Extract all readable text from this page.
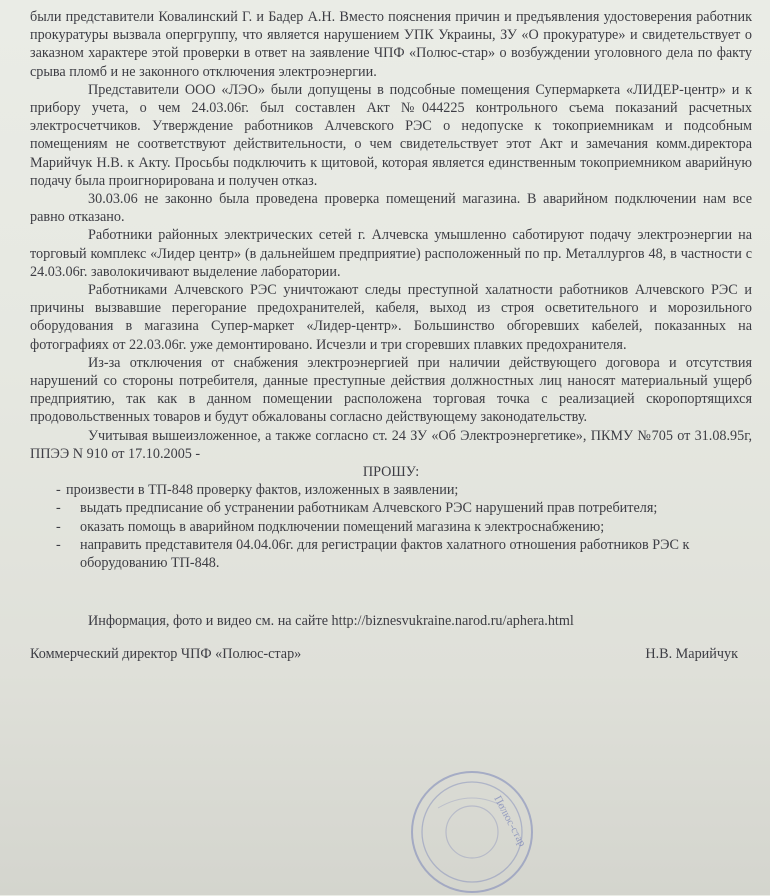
были представители Ковалинский Г. и Бадер А.Н. Вместо пояснения причин и предъявления удостоверения работник прокуратуры вызвала опергруппу, что является нарушением УПК Украины, ЗУ «О прокуратуре» и свидетельствует о заказном характере этой проверки в ответ на заявление ЧПФ «Полюс-стар» о возбуждении уголовного дела по факту срыва пломб и не законного отключения электроэнергии.

Представители ООО «ЛЭО» были допущены в подсобные помещения Супермаркета «ЛИДЕР-центр» и к прибору учета, о чем 24.03.06г. был составлен Акт №044225 контрольного съема показаний расчетных электросчетчиков. Утверждение работников Алчевского РЭС о недопуске к токоприемникам и подсобным помещениям не соответствуют действительности, о чем свидетельствует этот Акт и замечания комм.директора Марийчук Н.В. к Акту. Просьбы подключить к щитовой, которая является единственным токоприемником аварийную подачу была проигнорирована и получен отказ.

30.03.06 не законно была проведена проверка помещений магазина. В аварийном подключении нам все равно отказано.

Работники районных электрических сетей г. Алчевска умышленно саботируют подачу электроэнергии на торговый комплекс «Лидер центр» (в дальнейшем предприятие) расположенный по пр. Металлургов 48, в частности с 24.03.06г. заволокичивают выделение лаборатории.

Работниками Алчевского РЭС уничтожают следы преступной халатности работников Алчевского РЭС и причины вызвавшие перегорание предохранителей, кабеля, выход из строя осветительного и морозильного оборудования в магазина Супер-маркет «Лидер-центр». Большинство обгоревших кабелей, показанных на фотографиях от 22.03.06г. уже демонтировано. Исчезли и три сгоревших плавких предохранителя.

Из-за отключения от снабжения электроэнергией при наличии действующего договора и отсутствия нарушений со стороны потребителя, данные преступные действия должностных лиц наносят материальный ущерб предприятию, так как в данном помещении расположена торговая точка с реализацией скоропортящихся продовольственных товаров и будут обжалованы согласно действующему законодательству.

Учитывая вышеизложенное, а также согласно ст. 24 ЗУ «Об Электроэнергетике», ПКМУ №705 от 31.08.95г, ППЭЭ N 910 от 17.10.2005 -

ПРОШУ:

- произвести в ТП-848 проверку фактов, изложенных в заявлении;
- выдать предписание об устранении работникам Алчевского РЭС нарушений прав потребителя;
- оказать помощь в аварийном подключении помещений магазина к электроснабжению;
- направить представителя 04.04.06г. для регистрации фактов халатного отношения работников РЭС к оборудованию ТП-848.

Информация, фото и видео см. на сайте http://biznesvukraine.narod.ru/aphera.html

Коммерческий директор ЧПФ «Полюс-стар»	Н.В. Марийчук
Полюс-стар
